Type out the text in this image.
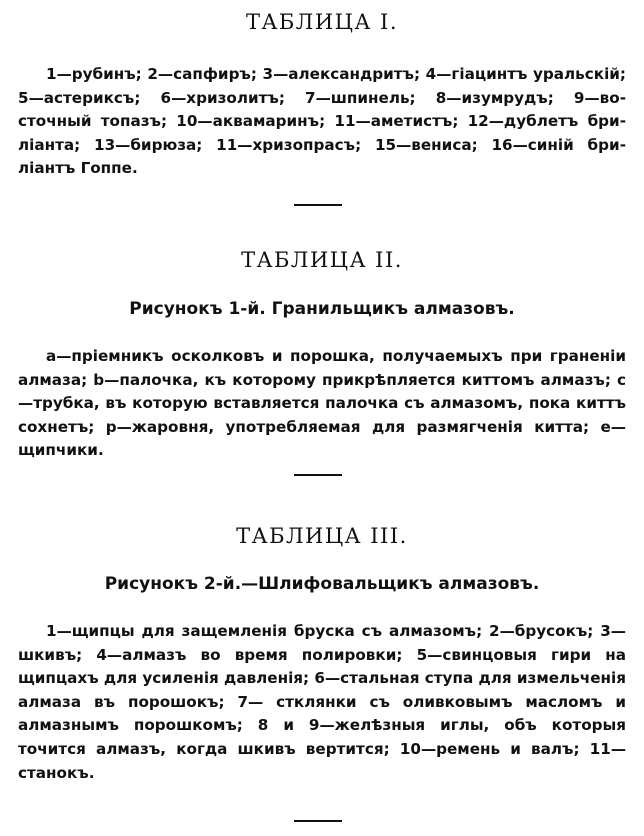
ТАБЛИЦА I.

1—рубинъ; 2—сапфиръ; 3—александритъ; 4—гіацинтъ уральскій; 5—астериксъ; 6—хризолитъ; 7—шпинель; 8—изумрудъ; 9—восточный топазъ; 10—аквамаринъ; 11—аметистъ; 12—дублетъ бриліанта; 13—бирюза; 11—хризопрасъ; 15—вениса; 16—синій бриліантъ Гоппе.

ТАБЛИЦА II.
Рисунокъ 1-й. Гранильщикъ алмазовъ.

а—пріемникъ осколковъ и порошка, получаемыхъ при граненіи алмаза; b—палочка, къ которому прикрѣпляется киттомъ алмазъ; с—трубка, въ которую вставляется палочка съ алмазомъ, пока киттъ сохнетъ; р—жаровня, употребляемая для размягченія китта; е—щипчики.

ТАБЛИЦА III.
Рисунокъ 2-й.—Шлифовальщикъ алмазовъ.

1—щипцы для защемленія бруска съ алмазомъ; 2—брусокъ; 3—шкивъ; 4—алмазъ во время полировки; 5—свинцовыя гири на щипцахъ для усиленія давленія; 6—стальная ступа для измельченія алмаза въ порошокъ; 7— стклянки съ оливковымъ масломъ и алмазнымъ порошкомъ; 8 и 9—желѣзныя иглы, объ которыя точится алмазъ, когда шкивъ вертится; 10—ремень и валъ; 11—станокъ.
